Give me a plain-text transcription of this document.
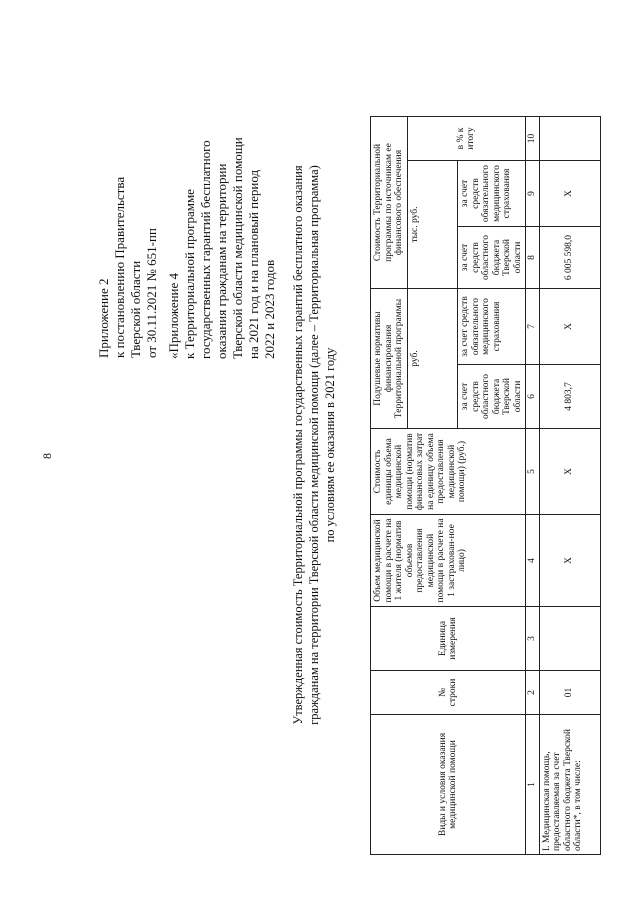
8
Приложение 2 к постановлению Правительства Тверской области от 30.11.2021 № 651-пп «Приложение 4 к Территориальной программе государственных гарантий бесплатного оказания гражданам на территории Тверской области медицинской помощи на 2021 год и на плановый период 2022 и 2023 годов Утвержденная стоимость Территориальной программы государственных гарантий бесплатного оказания гражданам на территории Тверской области медицинской помощи (далее – Территориальная программа) по условиям ее оказания в 2021 году
Виды и условия оказания медицинской помощи	№ строки	Единица измерения	Объем медицинской помощи в расчете на 1 жителя (норматив объемов предоставления медицинской помощи в расчете на 1 застрахован-ное лицо)	Стоимость единицы объема медицинской помощи (норматив финансовых затрат на единицу объема предоставления медицинской помощи) (руб.)	Подушевые нормативы финансирования Территориальной программы		Стоимость Территориальной программы по источникам ее финансового обеспечения		
					руб.		тыс. руб.		в % к итогу
					за счет средств областного бюджета Тверской области	за счет средств обязательного медицинского страхования	за счет средств областного бюджета Тверской области	за счет средств обязательного медицинского страхования	
1	2	3	4	5	6	7	8	9	10
I. Медицинская помощь, предоставляемая за счет областного бюджета Тверской области*, в том числе:	01		Х	Х	4 803,7	Х	6 005 598,0	Х	
